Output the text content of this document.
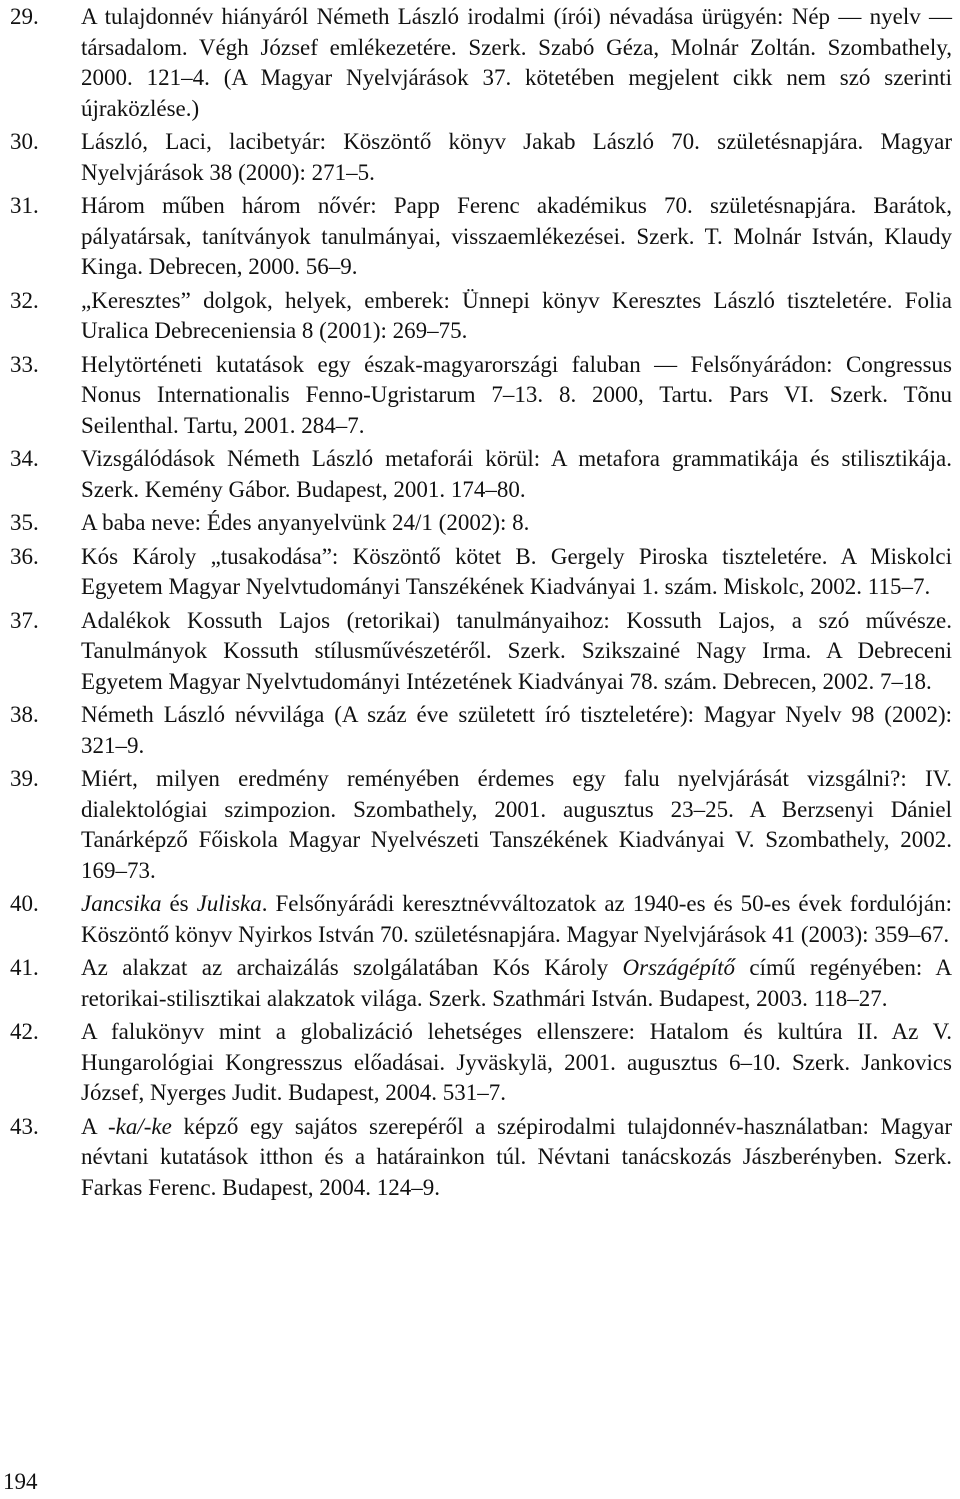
29. A tulajdonnév hiányáról Németh László irodalmi (írói) névadása ürügyén: Nép — nyelv — társadalom. Végh József emlékezetére. Szerk. Szabó Géza, Molnár Zoltán. Szombathely, 2000. 121–4. (A Magyar Nyelvjárások 37. kötetében megjelent cikk nem szó szerinti újraközlése.)
30. László, Laci, lacibetyár: Köszöntő könyv Jakab László 70. születésnapjára. Magyar Nyelvjárások 38 (2000): 271–5.
31. Három műben három nővér: Papp Ferenc akadémikus 70. születésnapjára. Barátok, pályatársak, tanítványok tanulmányai, visszaemlékezései. Szerk. T. Molnár István, Klaudy Kinga. Debrecen, 2000. 56–9.
32. „Keresztes” dolgok, helyek, emberek: Ünnepi könyv Keresztes László tiszteletére. Folia Uralica Debreceniensia 8 (2001): 269–75.
33. Helytörténeti kutatások egy észak-magyarországi faluban — Felsőnyárádon: Congressus Nonus Internationalis Fenno-Ugristarum 7–13. 8. 2000, Tartu. Pars VI. Szerk. Tõnu Seilenthal. Tartu, 2001. 284–7.
34. Vizsgálódások Németh László metaforái körül: A metafora grammatikája és stilisztikája. Szerk. Kemény Gábor. Budapest, 2001. 174–80.
35. A baba neve: Édes anyanyelvünk 24/1 (2002): 8.
36. Kós Károly „tusakodása”: Köszöntő kötet B. Gergely Piroska tiszteletére. A Miskolci Egyetem Magyar Nyelvtudományi Tanszékének Kiadványai 1. szám. Miskolc, 2002. 115–7.
37. Adalékok Kossuth Lajos (retorikai) tanulmányaihoz: Kossuth Lajos, a szó művésze. Tanulmányok Kossuth stílusművészetéről. Szerk. Szikszainé Nagy Irma. A Debreceni Egyetem Magyar Nyelvtudományi Intézetének Kiadványai 78. szám. Debrecen, 2002. 7–18.
38. Németh László névvilága (A száz éve született író tiszteletére): Magyar Nyelv 98 (2002): 321–9.
39. Miért, milyen eredmény reményében érdemes egy falu nyelvjárását vizsgálni?: IV. dialektológiai szimpozion. Szombathely, 2001. augusztus 23–25. A Berzsenyi Dániel Tanárképző Főiskola Magyar Nyelvészeti Tanszékének Kiadványai V. Szombathely, 2002. 169–73.
40. Jancsika és Juliska. Felsőnyárádi keresztnévváltozatok az 1940-es és 50-es évek fordulóján: Köszöntő könyv Nyirkos István 70. születésnapjára. Magyar Nyelvjárások 41 (2003): 359–67.
41. Az alakzat az archaizálás szolgálatában Kós Károly Országépítő című regényében: A retorikai-stilisztikai alakzatok világa. Szerk. Szathmári István. Budapest, 2003. 118–27.
42. A falukönyv mint a globalizáció lehetséges ellenszere: Hatalom és kultúra II. Az V. Hungarológiai Kongresszus előadásai. Jyväskylä, 2001. augusztus 6–10. Szerk. Jankovics József, Nyerges Judit. Budapest, 2004. 531–7.
43. A -ka/-ke képző egy sajátos szerepéről a szépirodalmi tulajdonnév-használatban: Magyar névtani kutatások itthon és a határainkon túl. Névtani tanácskozás Jászberényben. Szerk. Farkas Ferenc. Budapest, 2004. 124–9.
194
